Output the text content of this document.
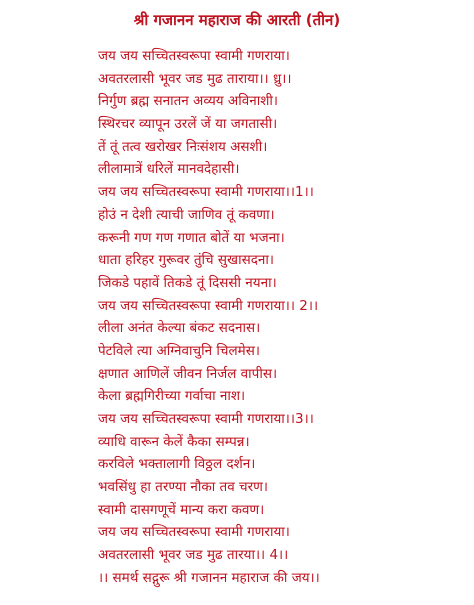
श्री गजानन महाराज की आरती (तीन)
जय जय सच्चितस्वरूपा स्वामी गणराया।
अवतरलासी भूवर जड मुढ ताराया।। ध्रु।।
निर्गुण ब्रह्म सनातन अव्यय अविनाशी।
स्थिरचर व्यापून उरलें जें या जगतासी।
तें तूं तत्व खरोखर निःसंशय असशी।
लीलामात्रें धरिलें मानवदेहासी।
जय जय सच्चितस्वरूपा स्वामी गणराया।।1।।
होउं न देशी त्याची जाणिव तूं कवणा।
करूनी गण गण गणात बोतें या भजना।
धाता हरिहर गुरूवर तुंचि सुखासदना।
जिकडे पहावें तिकडे तूं दिससी नयना।
जय जय सच्चितस्वरूपा स्वामी गणराया।। 2।।
लीला अनंत केल्या बंकट सदनास।
पेटविले त्या अग्निवाचुनि चिलमेस।
क्षणात आणिलें जीवन निर्जल वापीस।
केला ब्रह्मगिरीच्या गर्वाचा नाश।
जय जय सच्चितस्वरूपा स्वामी गणराया।।3।।
व्याधि वारून केलें कैका सम्पन्न।
करविले भक्तालागी विठ्ठल दर्शन।
भवसिंधु हा तरण्या नौका तव चरण।
स्वामी दासगणूचें मान्य करा कवण।
जय जय सच्चितस्वरूपा स्वामी गणराया।
अवतरलासी भूवर जड मुढ तारया।। 4।।
।। समर्थ सद्गुरू श्री गजानन महाराज की जय।।
